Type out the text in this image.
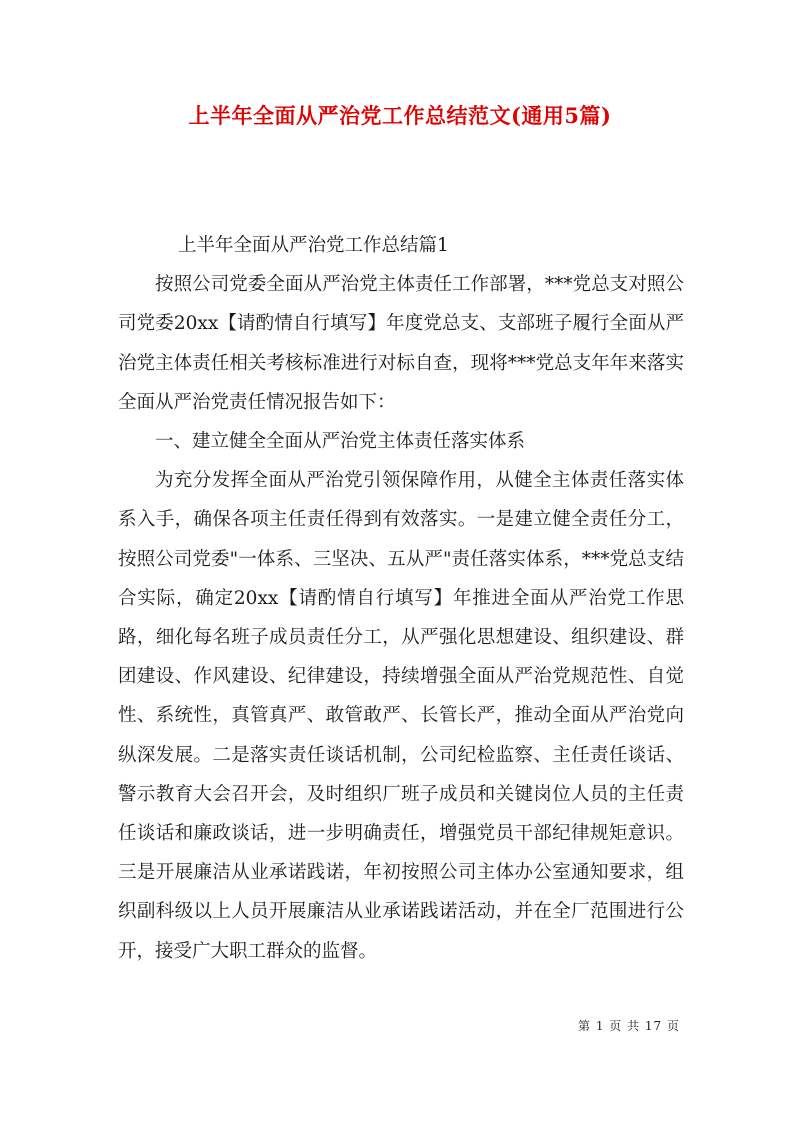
上半年全面从严治党工作总结范文(通用5篇)

上半年全面从严治党工作总结篇1

按照公司党委全面从严治党主体责任工作部署，***党总支对照公司党委20xx【请酌情自行填写】年度党总支、支部班子履行全面从严治党主体责任相关考核标准进行对标自查，现将***党总支年年来落实全面从严治党责任情况报告如下：

一、建立健全全面从严治党主体责任落实体系

为充分发挥全面从严治党引领保障作用，从健全主体责任落实体系入手，确保各项主任责任得到有效落实。一是建立健全责任分工，按照公司党委"一体系、三坚决、五从严"责任落实体系，***党总支结合实际，确定20xx【请酌情自行填写】年推进全面从严治党工作思路，细化每名班子成员责任分工，从严强化思想建设、组织建设、群团建设、作风建设、纪律建设，持续增强全面从严治党规范性、自觉性、系统性，真管真严、敢管敢严、长管长严，推动全面从严治党向纵深发展。二是落实责任谈话机制，公司纪检监察、主任责任谈话、警示教育大会召开会，及时组织厂班子成员和关键岗位人员的主任责任谈话和廉政谈话，进一步明确责任，增强党员干部纪律规矩意识。三是开展廉洁从业承诺践诺，年初按照公司主体办公室通知要求，组织副科级以上人员开展廉洁从业承诺践诺活动，并在全厂范围进行公开，接受广大职工群众的监督。

第 1 页 共 17 页
